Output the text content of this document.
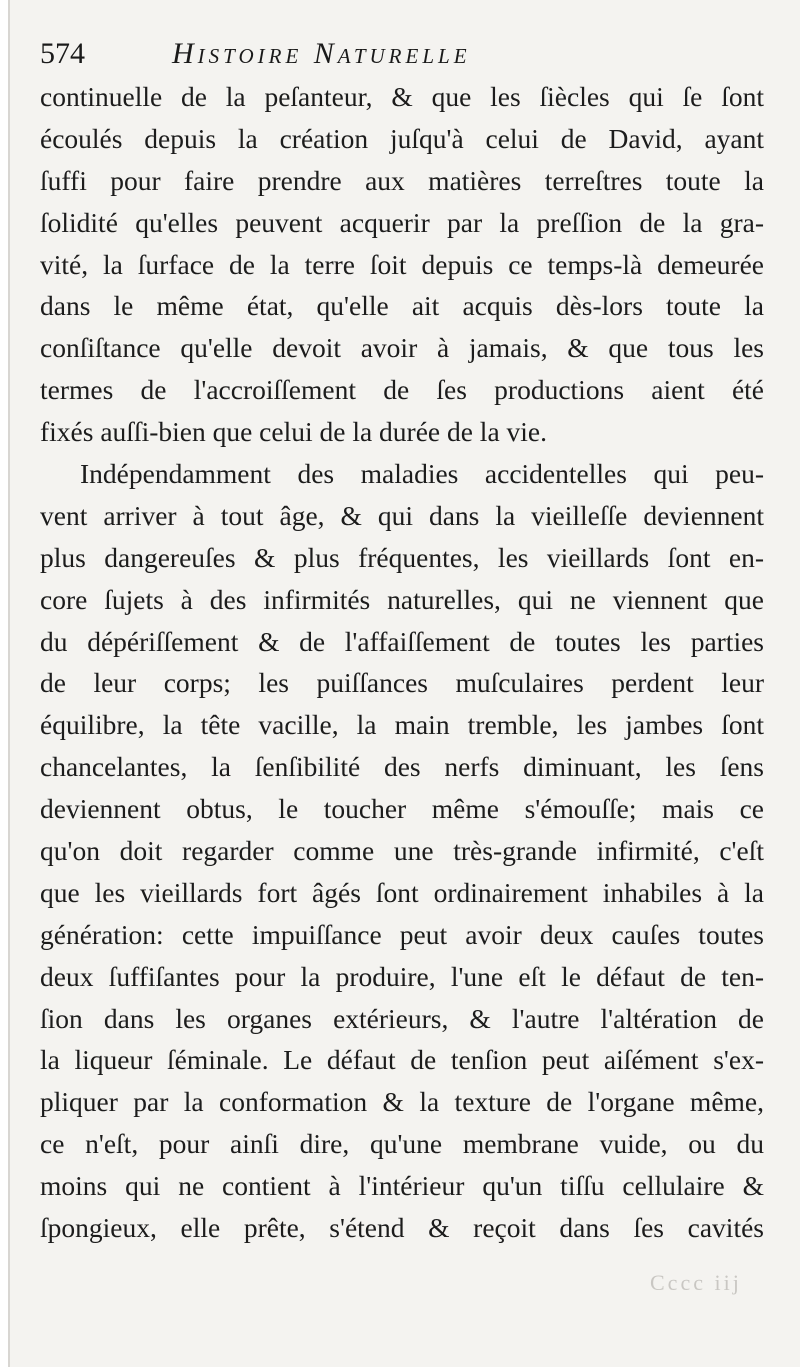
574	Histoire Naturelle
continuelle de la peſanteur, & que les ſiècles qui ſe ſont
écoulés depuis la création juſqu'à celui de David, ayant
ſuffi pour faire prendre aux matières terreſtres toute la
ſolidité qu'elles peuvent acquerir par la preſſion de la gra-
vité, la ſurface de la terre ſoit depuis ce temps-là demeurée
dans le même état, qu'elle ait acquis dès-lors toute la
conſiſtance qu'elle devoit avoir à jamais, & que tous les
termes de l'accroiſſement de ſes productions aient été
fixés auſſi-bien que celui de la durée de la vie.
Indépendamment des maladies accidentelles qui peu-
vent arriver à tout âge, & qui dans la vieilleſſe deviennent
plus dangereuſes & plus fréquentes, les vieillards ſont en-
core ſujets à des infirmités naturelles, qui ne viennent que
du dépériſſement & de l'affaiſſement de toutes les parties
de leur corps; les puiſſances muſculaires perdent leur
équilibre, la tête vacille, la main tremble, les jambes ſont
chancelantes, la ſenſibilité des nerfs diminuant, les ſens
deviennent obtus, le toucher même s'émouſſe; mais ce
qu'on doit regarder comme une très-grande infirmité, c'eſt
que les vieillards fort âgés ſont ordinairement inhabiles à la
génération: cette impuiſſance peut avoir deux cauſes toutes
deux ſuffiſantes pour la produire, l'une eſt le défaut de ten-
ſion dans les organes extérieurs, & l'autre l'altération de
la liqueur ſéminale. Le défaut de tenſion peut aiſément s'ex-
pliquer par la conformation & la texture de l'organe même,
ce n'eſt, pour ainſi dire, qu'une membrane vuide, ou du
moins qui ne contient à l'intérieur qu'un tiſſu cellulaire &
ſpongieux, elle prête, s'étend & reçoit dans ſes cavités
Cccc iij
